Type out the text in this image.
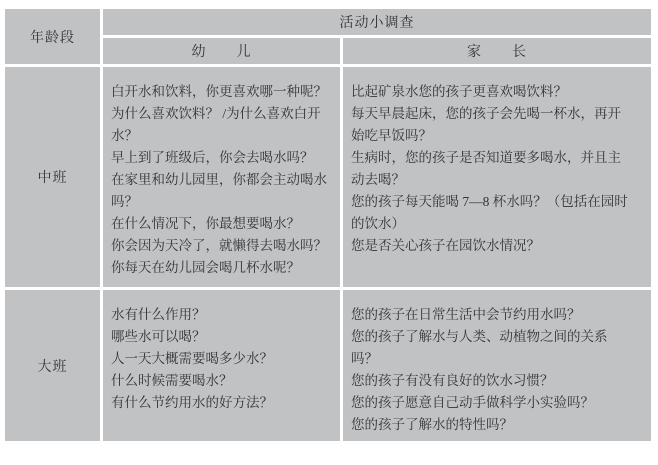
年龄段
活动小调查
幼　　儿	家　　长
中班
白开水和饮料，你更喜欢哪一种呢？
为什么喜欢饮料？ /为什么喜欢白开水？
早上到了班级后，你会去喝水吗？
在家里和幼儿园里，你都会主动喝水吗？
在什么情况下，你最想要喝水？
你会因为天冷了，就懒得去喝水吗？
你每天在幼儿园会喝几杯水呢？
比起矿泉水您的孩子更喜欢喝饮料？
每天早晨起床，您的孩子会先喝一杯水，再开始吃早饭吗？
生病时，您的孩子是否知道要多喝水，并且主动去喝？
您的孩子每天能喝 7—8 杯水吗？（包括在园时的饮水）
您是否关心孩子在园饮水情况？
大班
水有什么作用？
哪些水可以喝？
人一天大概需要喝多少水？
什么时候需要喝水？
有什么节约用水的好方法？
您的孩子在日常生活中会节约用水吗？
您的孩子了解水与人类、动植物之间的关系吗？
您的孩子有没有良好的饮水习惯？
您的孩子愿意自己动手做科学小实验吗？
您的孩子了解水的特性吗？
